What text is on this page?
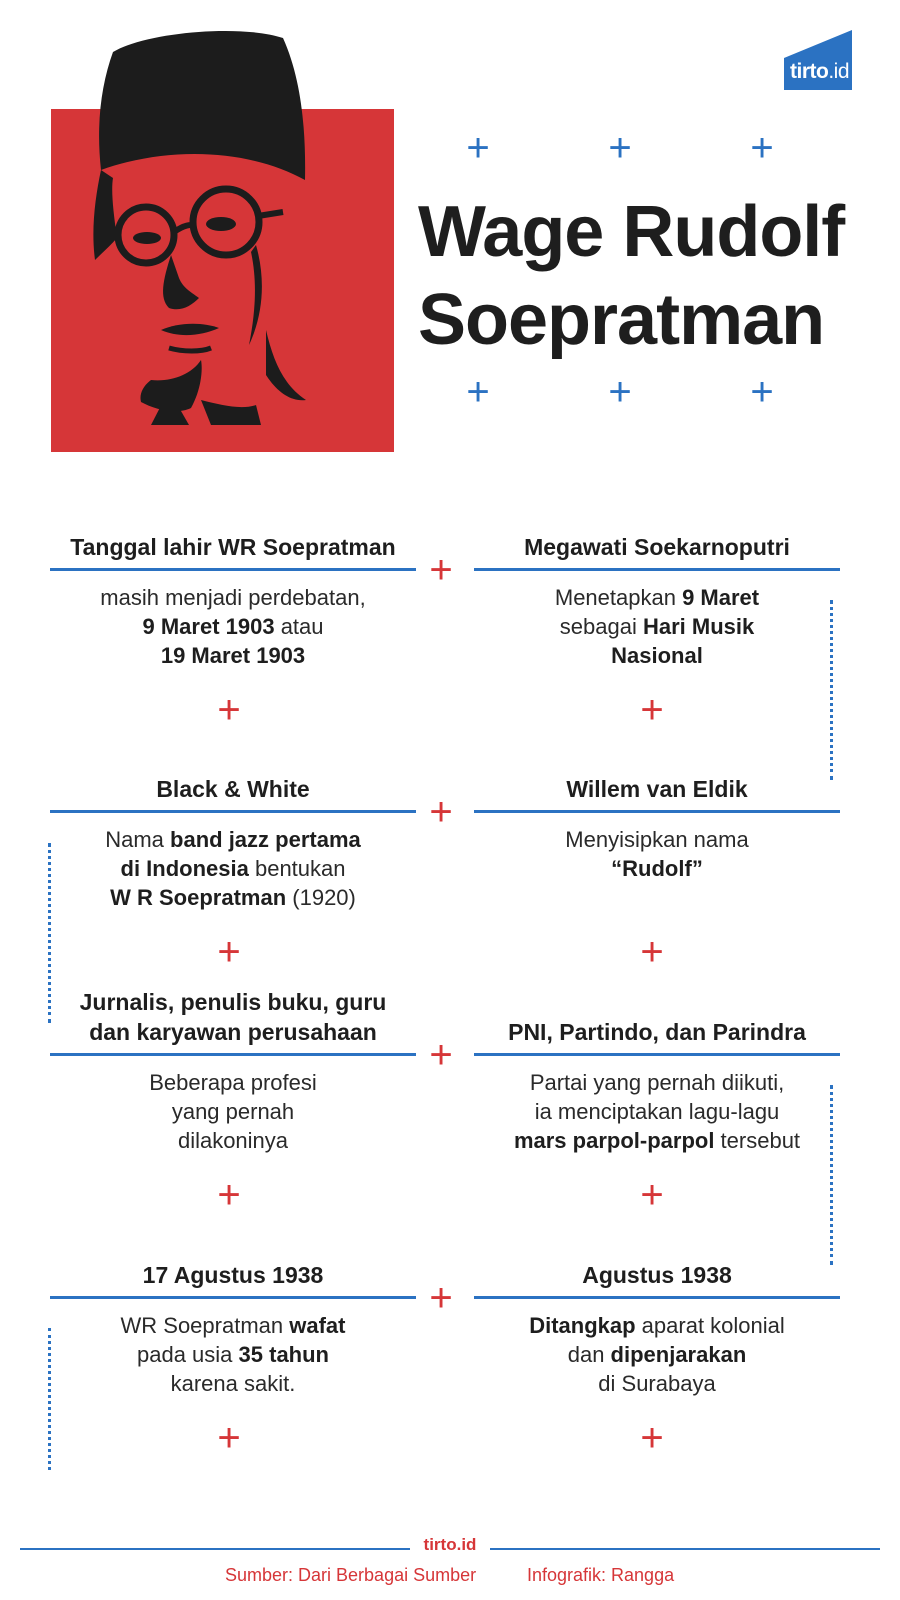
tirto.id
Wage Rudolf
Soepratman
+	+	+
+	+	+
Tanggal lahir WR Soepratman
masih menjadi perdebatan,
9 Maret 1903 atau
19 Maret 1903
+
Megawati Soekarnoputri
Menetapkan 9 Maret
sebagai Hari Musik
Nasional
+
Black & White
Nama band jazz pertama
di Indonesia bentukan
W R Soepratman (1920)
+
Willem van Eldik
Menyisipkan nama
“Rudolf”
+
Jurnalis, penulis buku, guru
dan karyawan perusahaan
Beberapa profesi
yang pernah
dilakoninya
+
PNI, Partindo, dan Parindra
Partai yang pernah diikuti,
ia menciptakan lagu-lagu
mars parpol-parpol tersebut
+
17 Agustus 1938
WR Soepratman wafat
pada usia 35 tahun
karena sakit.
+
Agustus 1938
Ditangkap aparat kolonial
dan dipenjarakan
di Surabaya
+
+
+
+
+
tirto.id
Sumber: Dari Berbagai Sumber	Infografik: Rangga
